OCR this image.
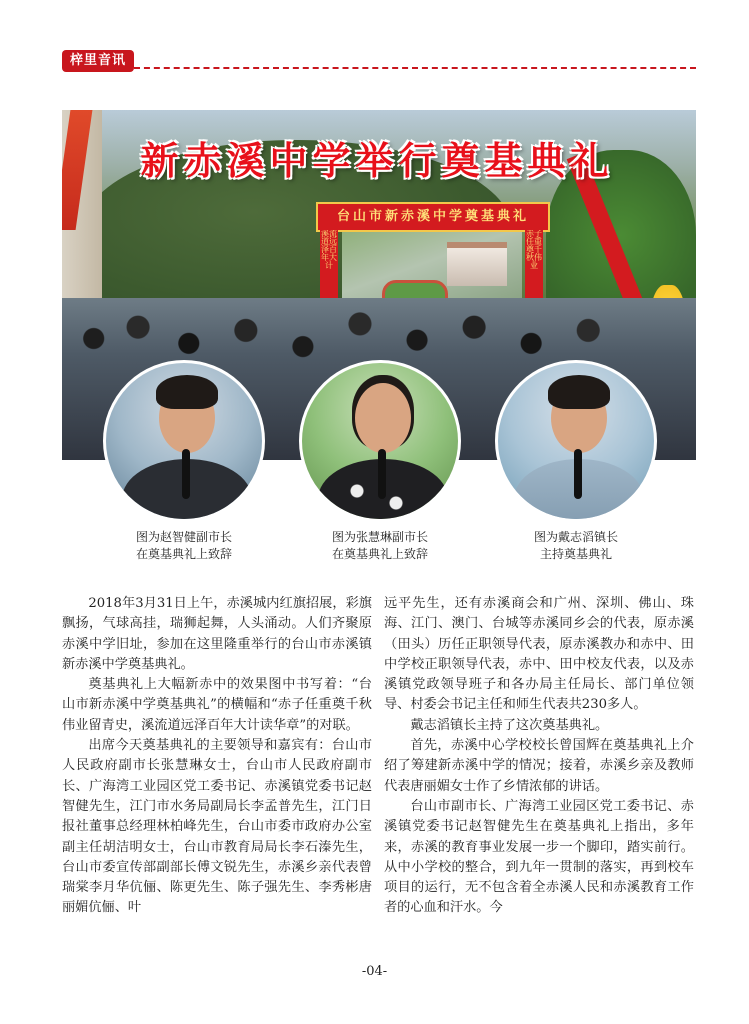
梓里音讯
台山市新赤溪中学奠基典礼
溪流道远泽百年大计
赤子任重奠千秋伟业
新赤溪中学举行奠基典礼
图为赵智健副市长
在奠基典礼上致辞
图为张慧琳副市长
在奠基典礼上致辞
图为戴志滔镇长
主持奠基典礼

2018年3月31日上午，赤溪城内红旗招展，彩旗飘扬，气球高挂，瑞狮起舞，人头涌动。人们齐聚原赤溪中学旧址，参加在这里隆重举行的台山市赤溪镇新赤溪中学奠基典礼。

奠基典礼上大幅新赤中的效果图中书写着：“台山市新赤溪中学奠基典礼”的横幅和“赤子任重奠千秋伟业留青史，溪流道远泽百年大计读华章”的对联。

出席今天奠基典礼的主要领导和嘉宾有：台山市人民政府副市长张慧琳女士，台山市人民政府副市长、广海湾工业园区党工委书记、赤溪镇党委书记赵智健先生，江门市水务局副局长李孟普先生，江门日报社董事总经理林柏峰先生，台山市委市政府办公室副主任胡洁明女士，台山市教育局局长李石溱先生，台山市委宣传部副部长傅文锐先生，赤溪乡亲代表曾瑞棠李月华伉俪、陈更先生、陈子强先生、李秀彬唐丽媚伉俪、叶

远平先生，还有赤溪商会和广州、深圳、佛山、珠海、江门、澳门、台城等赤溪同乡会的代表，原赤溪（田头）历任正职领导代表，原赤溪教办和赤中、田中学校正职领导代表，赤中、田中校友代表，以及赤溪镇党政领导班子和各办局主任局长、部门单位领导、村委会书记主任和师生代表共230多人。

戴志滔镇长主持了这次奠基典礼。

首先，赤溪中心学校校长曾国辉在奠基典礼上介绍了筹建新赤溪中学的情况；接着，赤溪乡亲及教师代表唐丽媚女士作了乡情浓郁的讲话。

台山市副市长、广海湾工业园区党工委书记、赤溪镇党委书记赵智健先生在奠基典礼上指出，多年来，赤溪的教育事业发展一步一个脚印，踏实前行。从中小学校的整合，到九年一贯制的落实，再到校车项目的运行，无不包含着全赤溪人民和赤溪教育工作者的心血和汗水。今

-04-
